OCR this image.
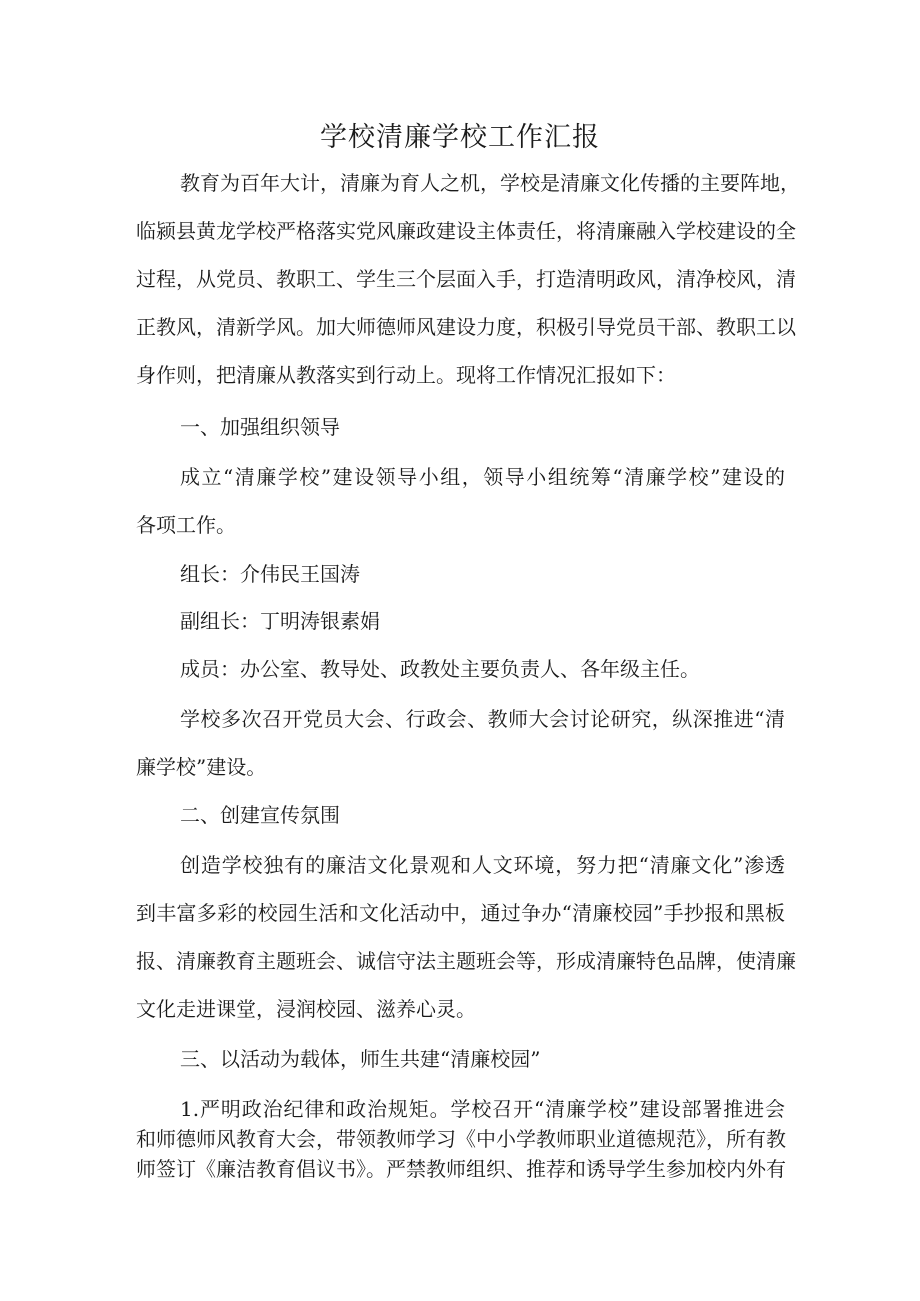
学校清廉学校工作汇报
教育为百年大计，清廉为育人之机，学校是清廉文化传播的主要阵地，
临颍县黄龙学校严格落实党风廉政建设主体责任，将清廉融入学校建设的全
过程，从党员、教职工、学生三个层面入手，打造清明政风，清净校风，清
正教风，清新学风。加大师德师风建设力度，积极引导党员干部、教职工以
身作则，把清廉从教落实到行动上。现将工作情况汇报如下：
一、加强组织领导
成立“清廉学校”建设领导小组，领导小组统筹“清廉学校”建设的
各项工作。
组长：介伟民王国涛
副组长：丁明涛银素娟
成员：办公室、教导处、政教处主要负责人、各年级主任。
学校多次召开党员大会、行政会、教师大会讨论研究，纵深推进“清
廉学校”建设。
二、创建宣传氛围
创造学校独有的廉洁文化景观和人文环境，努力把“清廉文化”渗透
到丰富多彩的校园生活和文化活动中，通过争办“清廉校园”手抄报和黑板
报、清廉教育主题班会、诚信守法主题班会等，形成清廉特色品牌，使清廉
文化走进课堂，浸润校园、滋养心灵。
三、以活动为载体，师生共建“清廉校园”
1.严明政治纪律和政治规矩。学校召开“清廉学校”建设部署推进会
和师德师风教育大会，带领教师学习《中小学教师职业道德规范》，所有教
师签订《廉洁教育倡议书》。严禁教师组织、推荐和诱导学生参加校内外有
